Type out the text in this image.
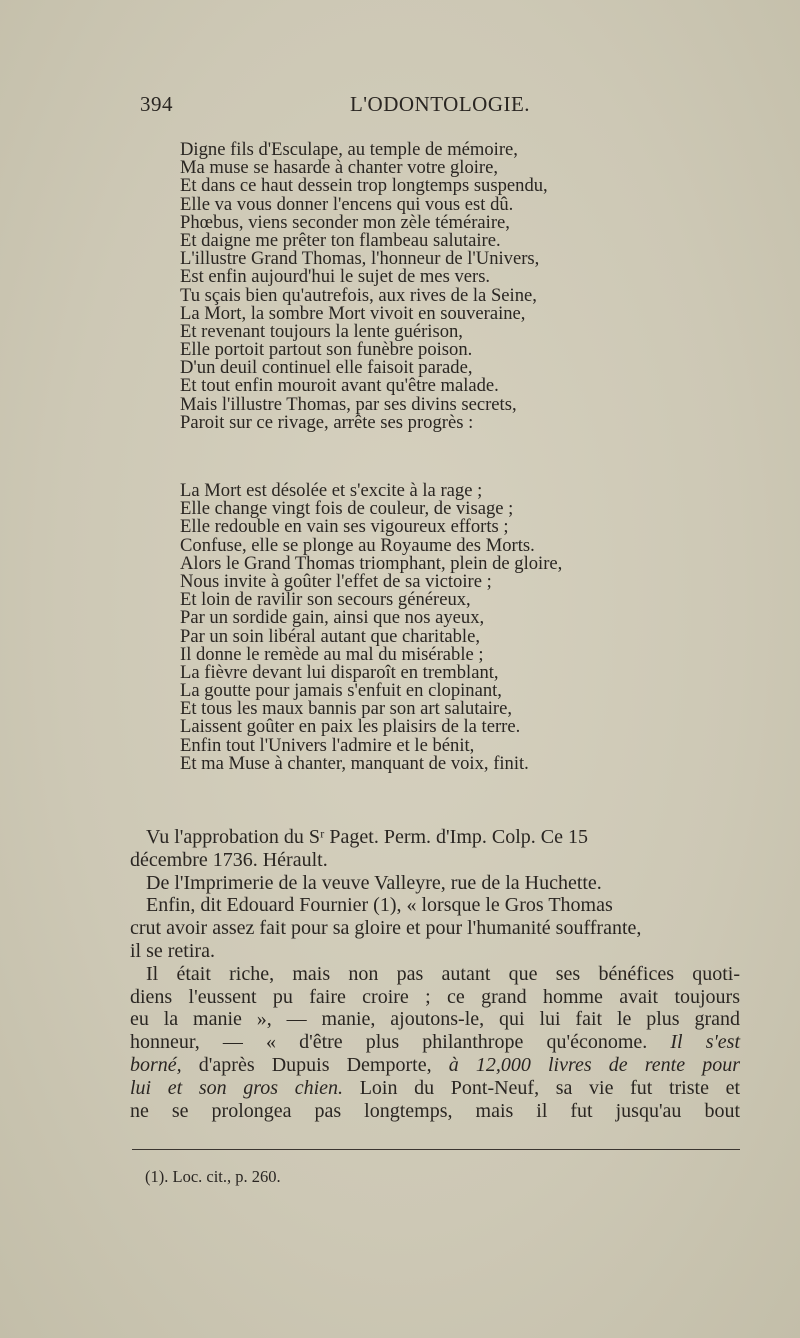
394	L'ODONTOLOGIE.
Digne fils d'Esculape, au temple de mémoire,
Ma muse se hasarde à chanter votre gloire,
Et dans ce haut dessein trop longtemps suspendu,
Elle va vous donner l'encens qui vous est dû.
Phœbus, viens seconder mon zèle téméraire,
Et daigne me prêter ton flambeau salutaire.
L'illustre Grand Thomas, l'honneur de l'Univers,
Est enfin aujourd'hui le sujet de mes vers.
Tu sçais bien qu'autrefois, aux rives de la Seine,
La Mort, la sombre Mort vivoit en souveraine,
Et revenant toujours la lente guérison,
Elle portoit partout son funèbre poison.
D'un deuil continuel elle faisoit parade,
Et tout enfin mouroit avant qu'être malade.
Mais l'illustre Thomas, par ses divins secrets,
Paroit sur ce rivage, arrête ses progrès :
La Mort est désolée et s'excite à la rage ;
Elle change vingt fois de couleur, de visage ;
Elle redouble en vain ses vigoureux efforts ;
Confuse, elle se plonge au Royaume des Morts.
Alors le Grand Thomas triomphant, plein de gloire,
Nous invite à goûter l'effet de sa victoire ;
Et loin de ravilir son secours généreux,
Par un sordide gain, ainsi que nos ayeux,
Par un soin libéral autant que charitable,
Il donne le remède au mal du misérable ;
La fièvre devant lui disparoît en tremblant,
La goutte pour jamais s'enfuit en clopinant,
Et tous les maux bannis par son art salutaire,
Laissent goûter en paix les plaisirs de la terre.
Enfin tout l'Univers l'admire et le bénit,
Et ma Muse à chanter, manquant de voix, finit.
Vu l'approbation du Sʳ Paget. Perm. d'Imp. Colp. Ce 15
décembre 1736. Hérault.
De l'Imprimerie de la veuve Valleyre, rue de la Huchette.
Enfin, dit Edouard Fournier (1), « lorsque le Gros Thomas
crut avoir assez fait pour sa gloire et pour l'humanité souffrante,
il se retira.
Il était riche, mais non pas autant que ses bénéfices quoti-
diens l'eussent pu faire croire ; ce grand homme avait toujours
eu la manie », — manie, ajoutons-le, qui lui fait le plus grand
honneur, — « d'être plus philanthrope qu'économe. Il s'est
borné, d'après Dupuis Demporte, à 12,000 livres de rente pour
lui et son gros chien. Loin du Pont-Neuf, sa vie fut triste et
ne se prolongea pas longtemps, mais il fut jusqu'au bout
(1). Loc. cit., p. 260.
